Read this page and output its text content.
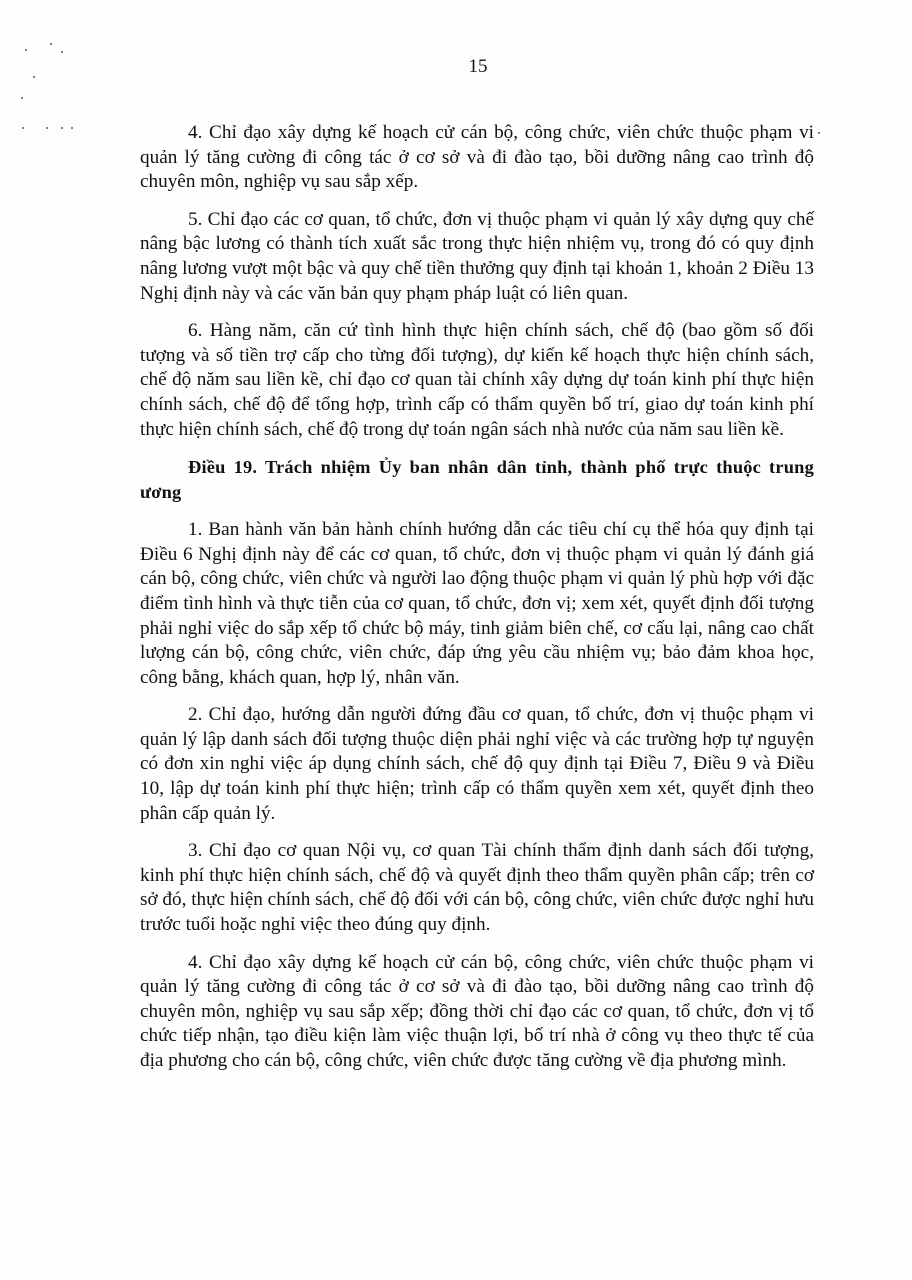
15

4. Chỉ đạo xây dựng kế hoạch cử cán bộ, công chức, viên chức thuộc phạm vi quản lý tăng cường đi công tác ở cơ sở và đi đào tạo, bồi dưỡng nâng cao trình độ chuyên môn, nghiệp vụ sau sắp xếp.

5. Chỉ đạo các cơ quan, tổ chức, đơn vị thuộc phạm vi quản lý xây dựng quy chế nâng bậc lương có thành tích xuất sắc trong thực hiện nhiệm vụ, trong đó có quy định nâng lương vượt một bậc và quy chế tiền thưởng quy định tại khoản 1, khoản 2 Điều 13 Nghị định này và các văn bản quy phạm pháp luật có liên quan.

6. Hàng năm, căn cứ tình hình thực hiện chính sách, chế độ (bao gồm số đối tượng và số tiền trợ cấp cho từng đối tượng), dự kiến kế hoạch thực hiện chính sách, chế độ năm sau liền kề, chỉ đạo cơ quan tài chính xây dựng dự toán kinh phí thực hiện chính sách, chế độ để tổng hợp, trình cấp có thẩm quyền bố trí, giao dự toán kinh phí thực hiện chính sách, chế độ trong dự toán ngân sách nhà nước của năm sau liền kề.

Điều 19. Trách nhiệm Ủy ban nhân dân tỉnh, thành phố trực thuộc trung ương

1. Ban hành văn bản hành chính hướng dẫn các tiêu chí cụ thể hóa quy định tại Điều 6 Nghị định này để các cơ quan, tổ chức, đơn vị thuộc phạm vi quản lý đánh giá cán bộ, công chức, viên chức và người lao động thuộc phạm vi quản lý phù hợp với đặc điểm tình hình và thực tiễn của cơ quan, tổ chức, đơn vị; xem xét, quyết định đối tượng phải nghỉ việc do sắp xếp tổ chức bộ máy, tinh giảm biên chế, cơ cấu lại, nâng cao chất lượng cán bộ, công chức, viên chức, đáp ứng yêu cầu nhiệm vụ; bảo đảm khoa học, công bằng, khách quan, hợp lý, nhân văn.

2. Chỉ đạo, hướng dẫn người đứng đầu cơ quan, tổ chức, đơn vị thuộc phạm vi quản lý lập danh sách đối tượng thuộc diện phải nghỉ việc và các trường hợp tự nguyện có đơn xin nghỉ việc áp dụng chính sách, chế độ quy định tại Điều 7, Điều 9 và Điều 10, lập dự toán kinh phí thực hiện; trình cấp có thẩm quyền xem xét, quyết định theo phân cấp quản lý.

3. Chỉ đạo cơ quan Nội vụ, cơ quan Tài chính thẩm định danh sách đối tượng, kinh phí thực hiện chính sách, chế độ và quyết định theo thẩm quyền phân cấp; trên cơ sở đó, thực hiện chính sách, chế độ đối với cán bộ, công chức, viên chức được nghỉ hưu trước tuổi hoặc nghỉ việc theo đúng quy định.

4. Chỉ đạo xây dựng kế hoạch cử cán bộ, công chức, viên chức thuộc phạm vi quản lý tăng cường đi công tác ở cơ sở và đi đào tạo, bồi dưỡng nâng cao trình độ chuyên môn, nghiệp vụ sau sắp xếp; đồng thời chỉ đạo các cơ quan, tổ chức, đơn vị tổ chức tiếp nhận, tạo điều kiện làm việc thuận lợi, bố trí nhà ở công vụ theo thực tế của địa phương cho cán bộ, công chức, viên chức được tăng cường về địa phương mình.
